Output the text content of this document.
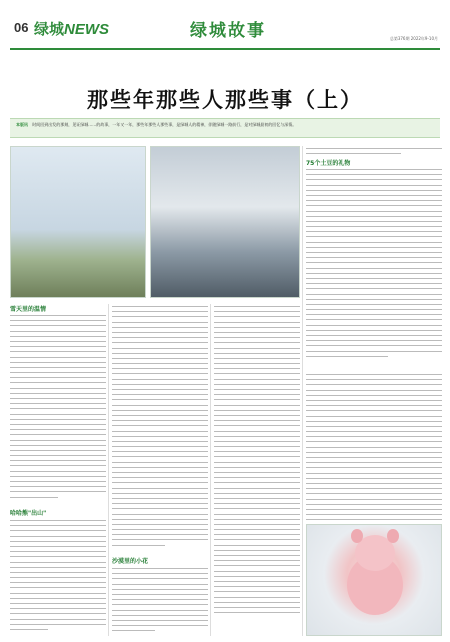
06 绿城NEWS	绿城故事	总第376期 2022年9-10月
那些年那些人那些事（上）
本版讯 时间回到出发的那刻，见证绿城……的故事，一年又一年，那些年那些人那些事，是绿城人的精神，伴随绿城一路前行，是对绿城最初的回忆与深情。
75个土豆的礼物
雪天里的温情
哈哈熊"出山"
沙漠里的小花
